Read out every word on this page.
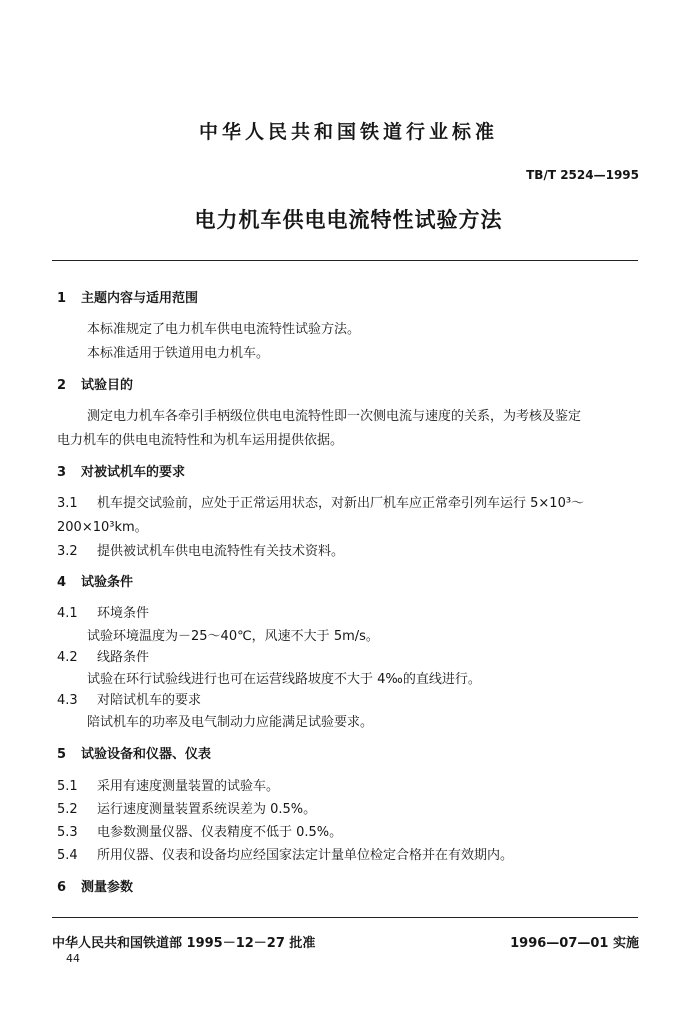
中华人民共和国铁道行业标准
TB/T 2524—1995
电力机车供电电流特性试验方法
1 主题内容与适用范围
本标准规定了电力机车供电电流特性试验方法。
本标准适用于铁道用电力机车。
2 试验目的
测定电力机车各牵引手柄级位供电电流特性即一次侧电流与速度的关系，为考核及鉴定
电力机车的供电电流特性和为机车运用提供依据。
3 对被试机车的要求
3.1 机车提交试验前，应处于正常运用状态，对新出厂机车应正常牵引列车运行 5×10³～
200×10³km。
3.2 提供被试机车供电电流特性有关技术资料。
4 试验条件
4.1 环境条件
试验环境温度为－25～40℃，风速不大于 5m/s。
4.2 线路条件
试验在环行试验线进行也可在运营线路坡度不大于 4‰的直线进行。
4.3 对陪试机车的要求
陪试机车的功率及电气制动力应能满足试验要求。
5 试验设备和仪器、仪表
5.1 采用有速度测量装置的试验车。
5.2 运行速度测量装置系统误差为 0.5%。
5.3 电参数测量仪器、仪表精度不低于 0.5%。
5.4 所用仪器、仪表和设备均应经国家法定计量单位检定合格并在有效期内。
6 测量参数
中华人民共和国铁道部 1995－12－27 批准	1996—07—01 实施
44
